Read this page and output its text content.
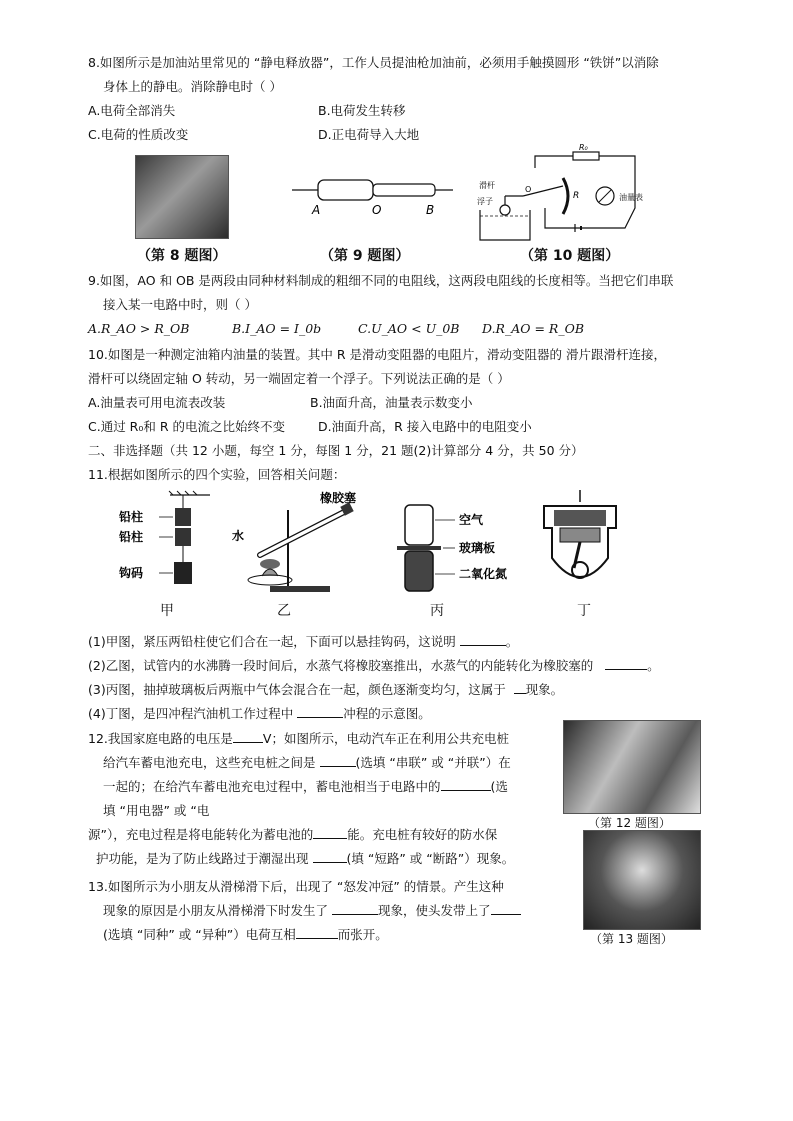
8.如图所示是加油站里常见的 “静电释放器”，工作人员提油枪加油前，必须用手触摸圆形 “铁饼”以消除
身体上的静电。消除静电时（ ）
A.电荷全部消失	B.电荷发生转移
C.电荷的性质改变	D.正电荷导入大地
（第 8 题图）
A	O	B
（第 9 题图）
R₀
油量表
R
滑杆	O
浮子
（第 10 题图）
9.如图，AO 和 OB 是两段由同种材料制成的粗细不同的电阻线，这两段电阻线的长度相等。当把它们串联
接入某一电路中时，则（ ）
A.R_AO > R_OB	B.I_AO = I_0b	C.U_AO < U_0B D.R_AO = R_OB
10.如图是一种测定油箱内油量的装置。其中 R 是滑动变阻器的电阻片，滑动变阻器的 滑片跟滑杆连接，
滑杆可以绕固定轴 O 转动，另一端固定着一个浮子。下列说法正确的是（ ）
A.油量表可用电流表改装	B.油面升高，油量表示数变小
C.通过 R₀和 R 的电流之比始终不变	D.油面升高，R 接入电路中的电阻变小
二、非选择题（共 12 小题，每空 1 分，每图 1 分，21 题(2)计算部分 4 分，共 50 分）
11.根据如图所示的四个实验，回答相关问题：
铅柱
铅柱
钩码
甲
水
橡胶塞
乙
空气
玻璃板
二氧化氮
丙	丁
(1)甲图，紧压两铅柱使它们合在一起，下面可以悬挂钩码，这说明	。
(2)乙图，试管内的水沸腾一段时间后，水蒸气将橡胶塞推出，水蒸气的内能转化为橡胶塞的	。
(3)丙图，抽掉玻璃板后两瓶中气体会混合在一起，颜色逐渐变均匀，这属于 现象。
(4)丁图，是四冲程汽油机工作过程中	冲程的示意图。
12.我国家庭电路的电压是 V；如图所示，电动汽车正在利用公共充电桩
给汽车蓄电池充电，这些充电桩之间是	(选填 “串联” 或 “并联”）在
一起的；在给汽车蓄电池充电过程中，蓄电池相当于电路中的	(选
填 “用电器” 或 “电
源”），充电过程是将电能转化为蓄电池的	能。充电桩有较好的防水保
护功能，是为了防止线路过于潮湿出现	(填 “短路” 或 “断路”）现象。
（第 12 题图）
13.如图所示为小朋友从滑梯滑下后，出现了 “怒发冲冠” 的情景。产生这种
现象的原因是小朋友从滑梯滑下时发生了	现象，使头发带上了
(选填 “同种” 或 “异种”）电荷互相	而张开。	（第 13 题图）
